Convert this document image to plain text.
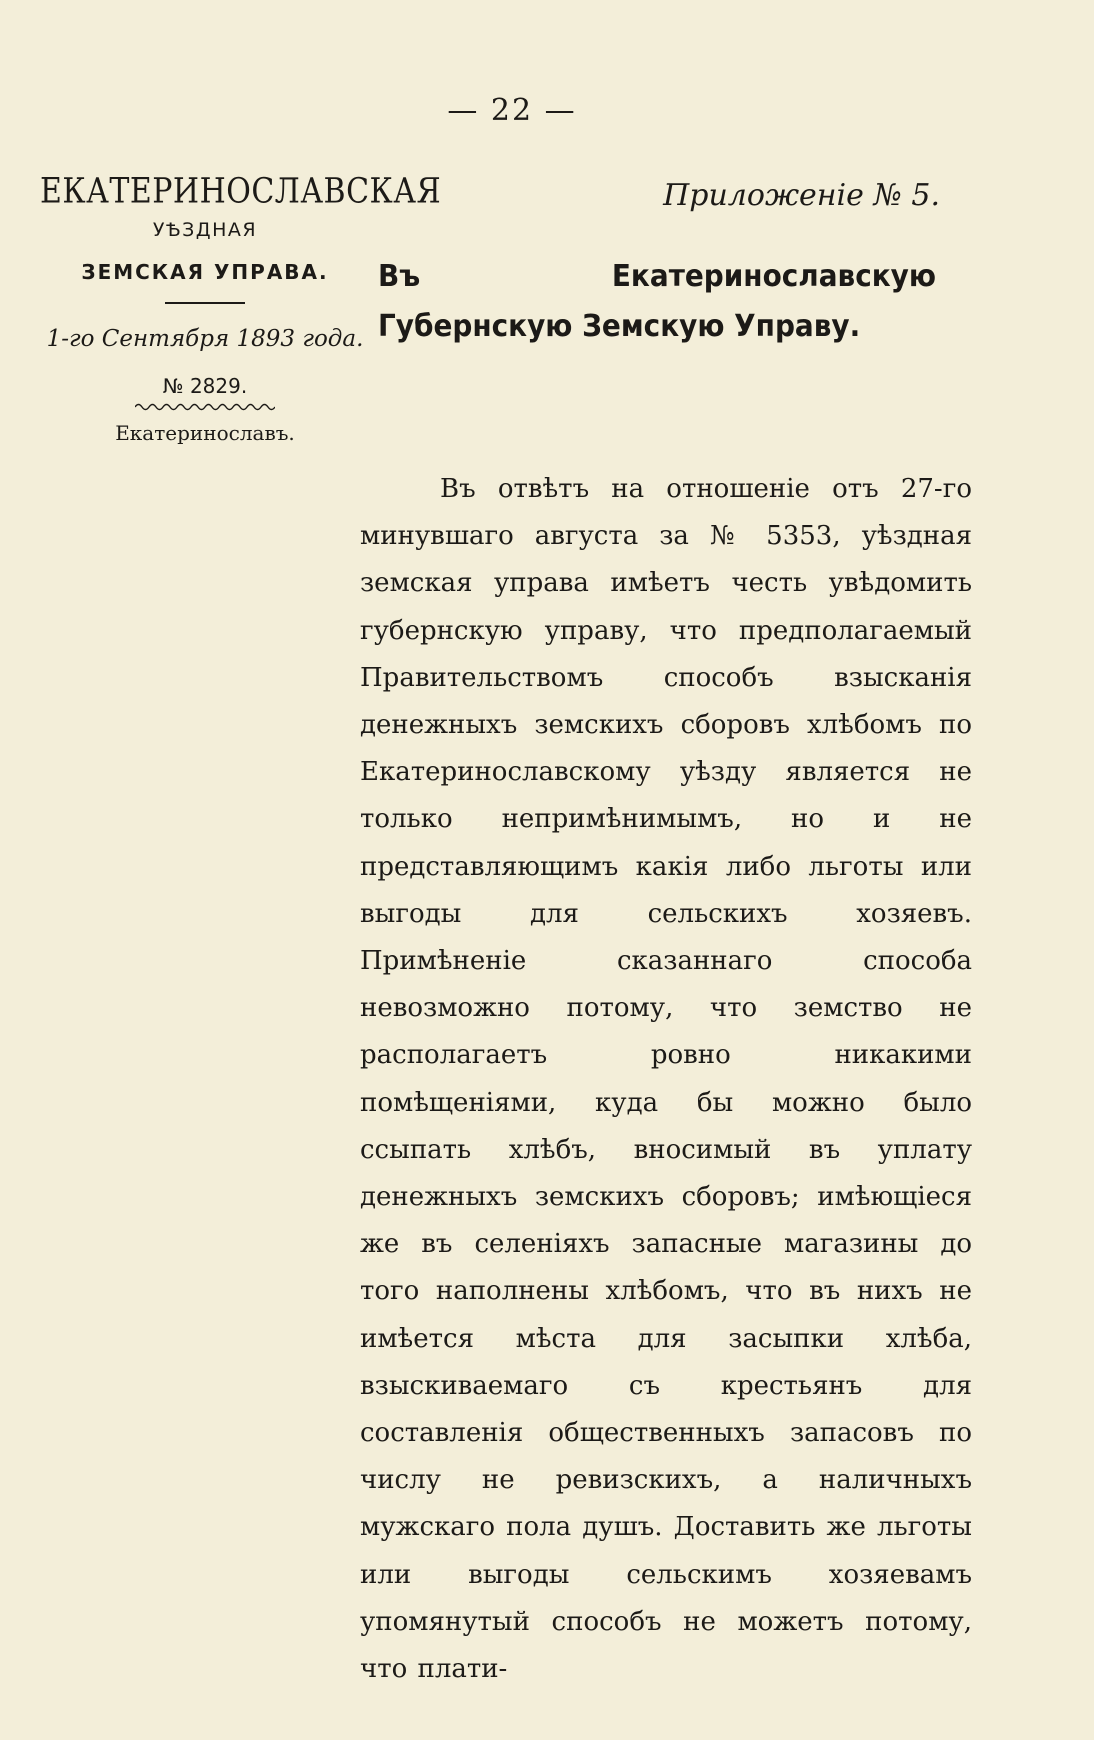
— 22 —
ЕКАТЕРИНОСЛАВСКАЯ
УѢЗДНАЯ
ЗЕМСКАЯ УПРАВА.
1-го Сентября 1893 года.
№ 2829.
Екатеринославъ.
Приложеніе № 5.
Въ Екатеринославскую Губернскую Земскую Управу.

Въ отвѣтъ на отношеніе отъ 27-го минувшаго августа за № 5353, уѣздная земская управа имѣетъ честь увѣдомить губернскую управу, что предполагаемый Правительствомъ способъ взысканія денежныхъ земскихъ сборовъ хлѣбомъ по Екатеринославскому уѣзду является не только непримѣнимымъ, но и не представляющимъ какія либо льготы или выгоды для сельскихъ хозяевъ. Примѣненіе сказаннаго способа невозможно потому, что земство не располагаетъ ровно никакими помѣщеніями, куда бы можно было ссыпать хлѣбъ, вносимый въ уплату денежныхъ земскихъ сборовъ; имѣющіеся же въ селеніяхъ запасные магазины до того наполнены хлѣбомъ, что въ нихъ не имѣется мѣста для засыпки хлѣба, взыскиваемаго съ крестьянъ для составленія общественныхъ запасовъ по числу не ревизскихъ, а наличныхъ мужскаго пола душъ. Доставить же льготы или выгоды сельскимъ хозяевамъ упомянутый способъ не можетъ потому, что плати-
